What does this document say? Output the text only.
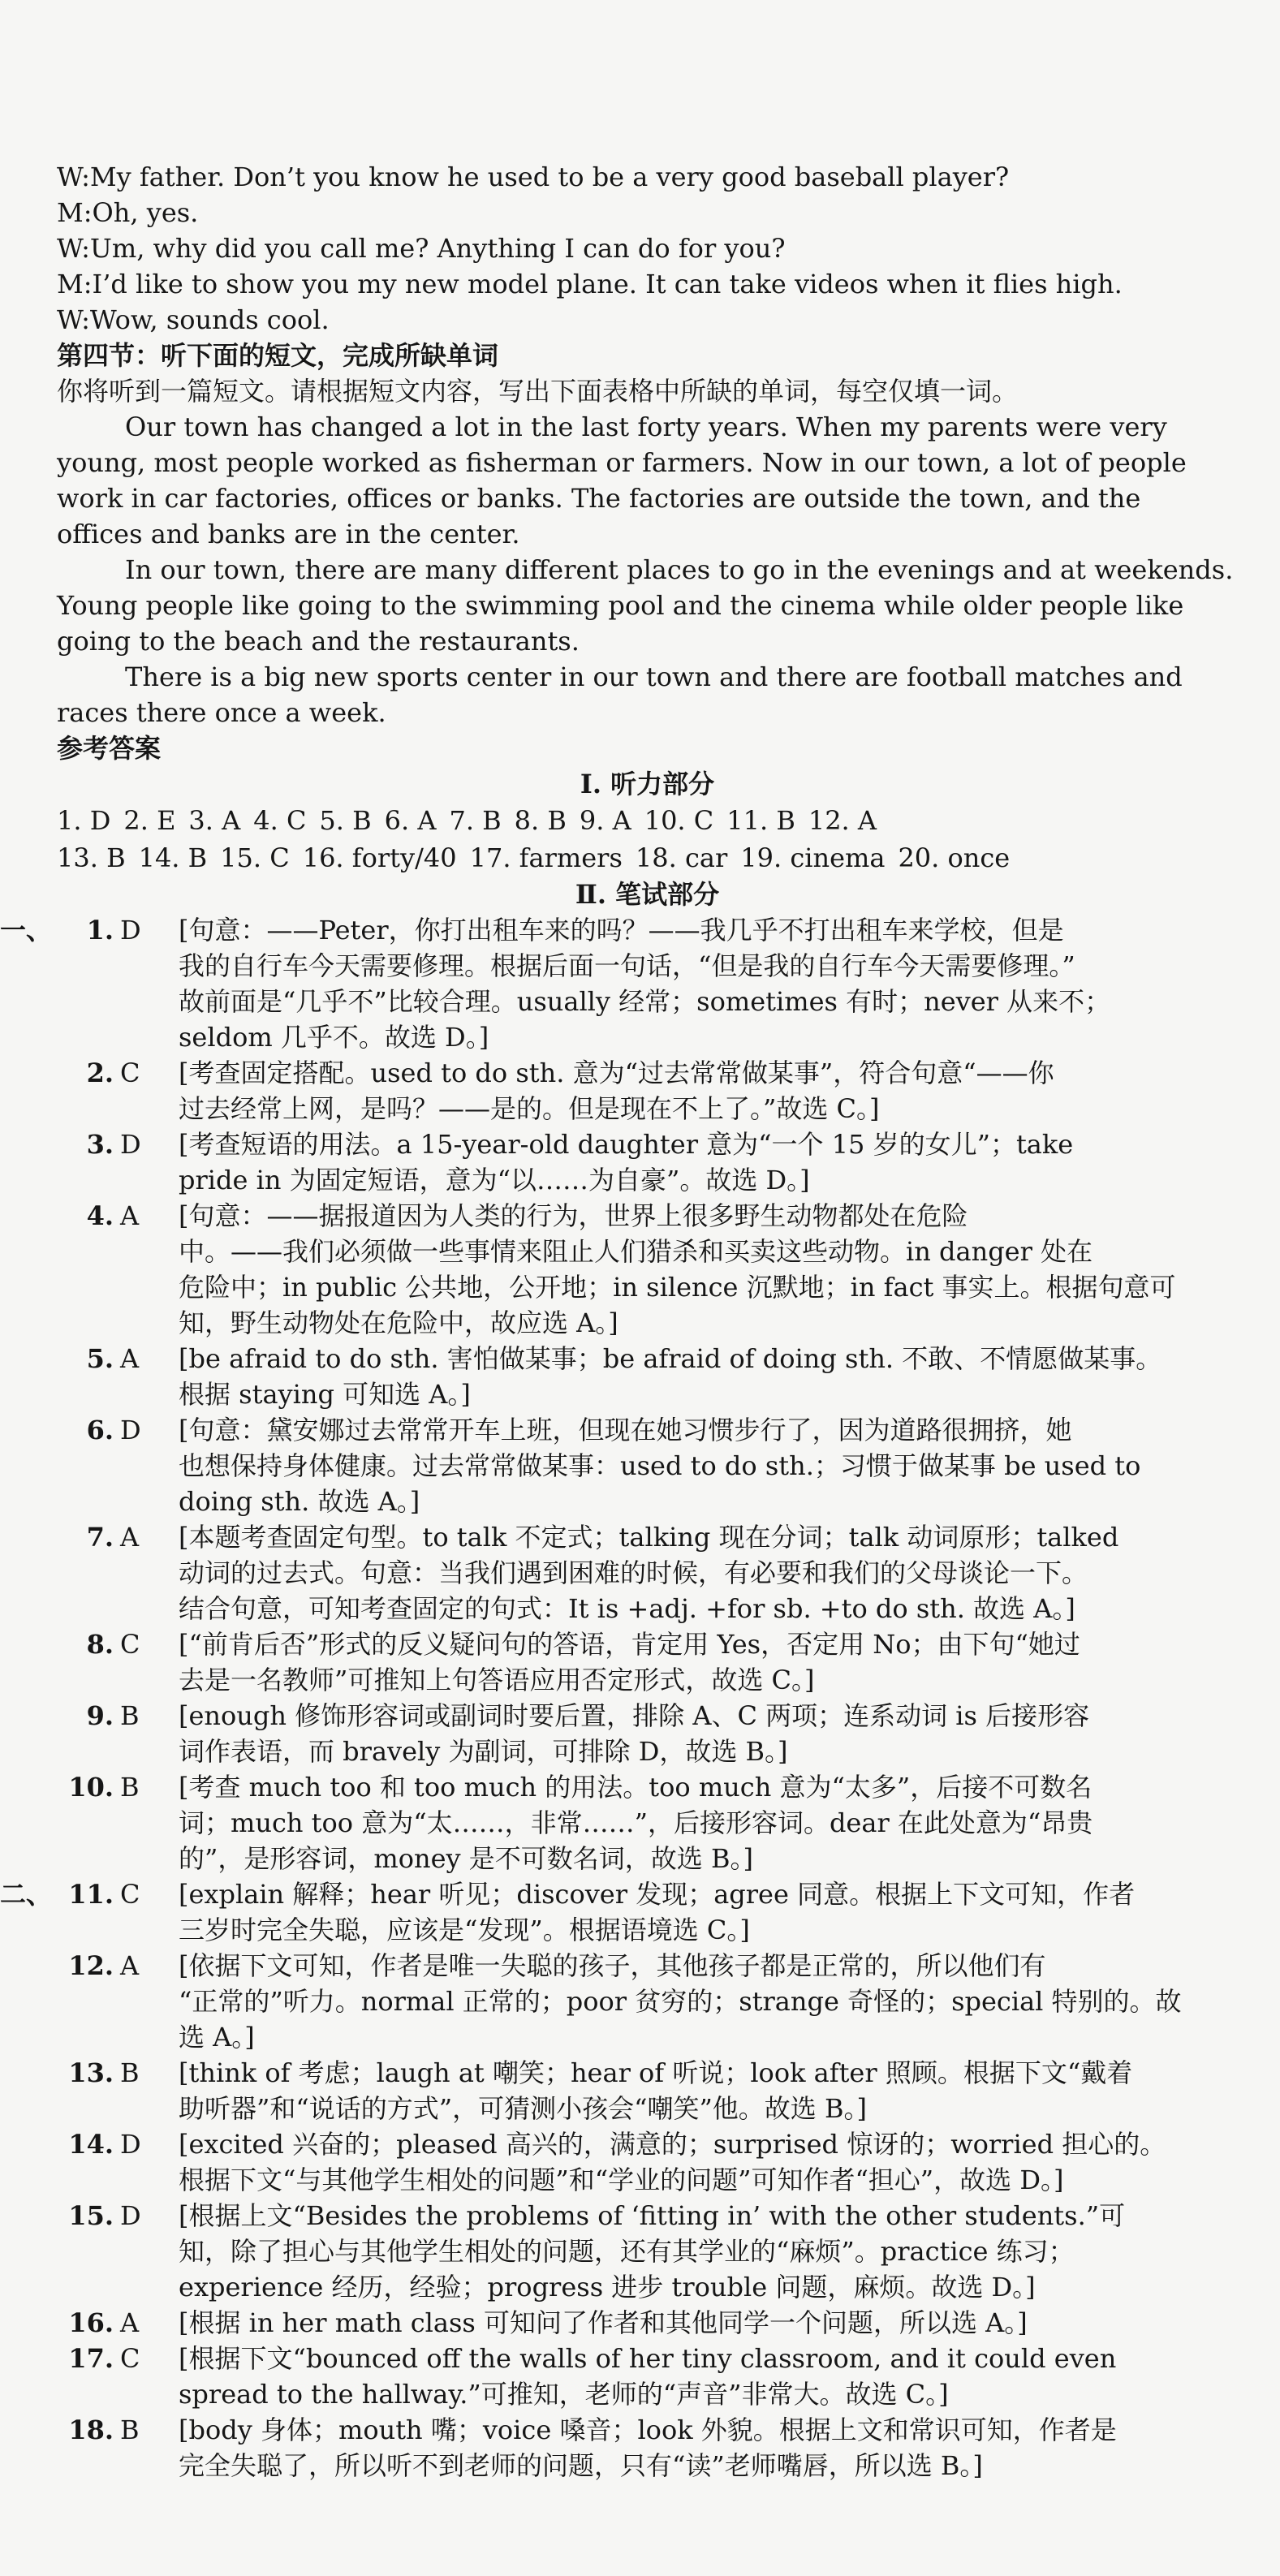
W:My father. Don’t you know he used to be a very good baseball player?

M:Oh, yes.

W:Um, why did you call me? Anything I can do for you?

M:I’d like to show you my new model plane. It can take videos when it flies high.

W:Wow, sounds cool.

第四节：听下面的短文，完成所缺单词

你将听到一篇短文。请根据短文内容，写出下面表格中所缺的单词，每空仅填一词。

Our town has changed a lot in the last forty years. When my parents were very

young, most people worked as fisherman or farmers. Now in our town, a lot of people

work in car factories, offices or banks. The factories are outside the town, and the

offices and banks are in the center.

In our town, there are many different places to go in the evenings and at weekends.

Young people like going to the swimming pool and the cinema while older people like

going to the beach and the restaurants.

There is a big new sports center in our town and there are football matches and

races there once a week.

参考答案

Ⅰ. 听力部分

1. D 2. E 3. A 4. C 5. B 6. A 7. B 8. B 9. A 10. C 11. B 12. A
13. B 14. B 15. C 16. forty/40 17. farmers 18. car 19. cinema 20. once

Ⅱ. 笔试部分

一、	1. D [句意：——Peter，你打出租车来的吗？——我几乎不打出租车来学校，但是

我的自行车今天需要修理。根据后面一句话，“但是我的自行车今天需要修理。”

故前面是“几乎不”比较合理。usually 经常；sometimes 有时；never 从来不；

seldom 几乎不。故选 D。]

2. C [考查固定搭配。used to do sth. 意为“过去常常做某事”，符合句意“——你

过去经常上网，是吗？——是的。但是现在不上了。”故选 C。]

3. D [考查短语的用法。a 15-year-old daughter 意为“一个 15 岁的女儿”；take

pride in 为固定短语，意为“以……为自豪”。故选 D。]

4. A [句意：——据报道因为人类的行为，世界上很多野生动物都处在危险

中。——我们必须做一些事情来阻止人们猎杀和买卖这些动物。in danger 处在

危险中；in public 公共地，公开地；in silence 沉默地；in fact 事实上。根据句意可

知，野生动物处在危险中，故应选 A。]

5. A [be afraid to do sth. 害怕做某事；be afraid of doing sth. 不敢、不情愿做某事。

根据 staying 可知选 A。]

6. D [句意：黛安娜过去常常开车上班，但现在她习惯步行了，因为道路很拥挤，她

也想保持身体健康。过去常常做某事：used to do sth.；习惯于做某事 be used to

doing sth. 故选 A。]

7. A [本题考查固定句型。to talk 不定式；talking 现在分词；talk 动词原形；talked

动词的过去式。句意：当我们遇到困难的时候，有必要和我们的父母谈论一下。

结合句意，可知考查固定的句式：It is +adj. +for sb. +to do sth. 故选 A。]

8. C [“前肯后否”形式的反义疑问句的答语，肯定用 Yes，否定用 No；由下句“她过

去是一名教师”可推知上句答语应用否定形式，故选 C。]

9. B [enough 修饰形容词或副词时要后置，排除 A、C 两项；连系动词 is 后接形容

词作表语，而 bravely 为副词，可排除 D，故选 B。]

10. B [考查 much too 和 too much 的用法。too much 意为“太多”，后接不可数名

词；much too 意为“太……，非常……”，后接形容词。dear 在此处意为“昂贵

的”，是形容词，money 是不可数名词，故选 B。]

二、 11. C [explain 解释；hear 听见；discover 发现；agree 同意。根据上下文可知，作者

三岁时完全失聪，应该是“发现”。根据语境选 C。]

12. A [依据下文可知，作者是唯一失聪的孩子，其他孩子都是正常的，所以他们有

“正常的”听力。normal 正常的；poor 贫穷的；strange 奇怪的；special 特别的。故

选 A。]

13. B [think of 考虑；laugh at 嘲笑；hear of 听说；look after 照顾。根据下文“戴着

助听器”和“说话的方式”，可猜测小孩会“嘲笑”他。故选 B。]

14. D [excited 兴奋的；pleased 高兴的，满意的；surprised 惊讶的；worried 担心的。

根据下文“与其他学生相处的问题”和“学业的问题”可知作者“担心”，故选 D。]

15. D [根据上文“Besides the problems of ‘fitting in’ with the other students.”可

知，除了担心与其他学生相处的问题，还有其学业的“麻烦”。practice 练习；

experience 经历，经验；progress 进步 trouble 问题，麻烦。故选 D。]

16. A [根据 in her math class 可知问了作者和其他同学一个问题，所以选 A。]

17. C [根据下文“bounced off the walls of her tiny classroom, and it could even

spread to the hallway.”可推知，老师的“声音”非常大。故选 C。]

18. B [body 身体；mouth 嘴；voice 嗓音；look 外貌。根据上文和常识可知，作者是

完全失聪了，所以听不到老师的问题，只有“读”老师嘴唇，所以选 B。]
